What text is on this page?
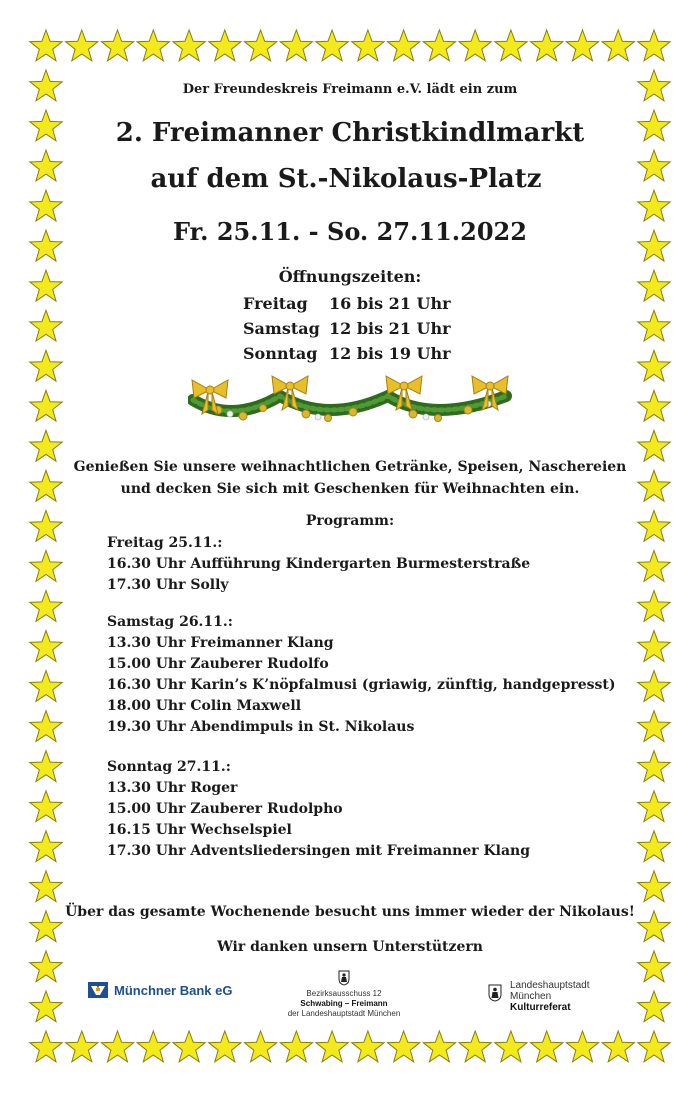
Der Freundeskreis Freimann e.V. lädt ein zum
2. Freimanner Christkindlmarkt
auf dem St.-Nikolaus-Platz
Fr. 25.11. - So. 27.11.2022
Öffnungszeiten:
Freitag	16 bis 21 Uhr
Samstag 12 bis 21 Uhr
Sonntag 12 bis 19 Uhr
Genießen Sie unsere weihnachtlichen Getränke, Speisen, Naschereien
und decken Sie sich mit Geschenken für Weihnachten ein.
Programm:
Freitag 25.11.:
16.30 Uhr Aufführung Kindergarten Burmesterstraße
17.30 Uhr Solly
Samstag 26.11.:
13.30 Uhr Freimanner Klang
15.00 Uhr Zauberer Rudolfo
16.30 Uhr Karin’s K’nöpfalmusi (griawig, zünftig, handgepresst)
18.00 Uhr Colin Maxwell
19.30 Uhr Abendimpuls in St. Nikolaus
Sonntag 27.11.:
13.30 Uhr Roger
15.00 Uhr Zauberer Rudolpho
16.15 Uhr Wechselspiel
17.30 Uhr Adventsliedersingen mit Freimanner Klang
Über das gesamte Wochenende besucht uns immer wieder der Nikolaus!
Wir danken unsern Unterstützern
Münchner Bank eG	Bezirksausschuss 12
Schwabing – Freimann
der Landeshauptstadt München
Landeshauptstadt
München
Kulturreferat
